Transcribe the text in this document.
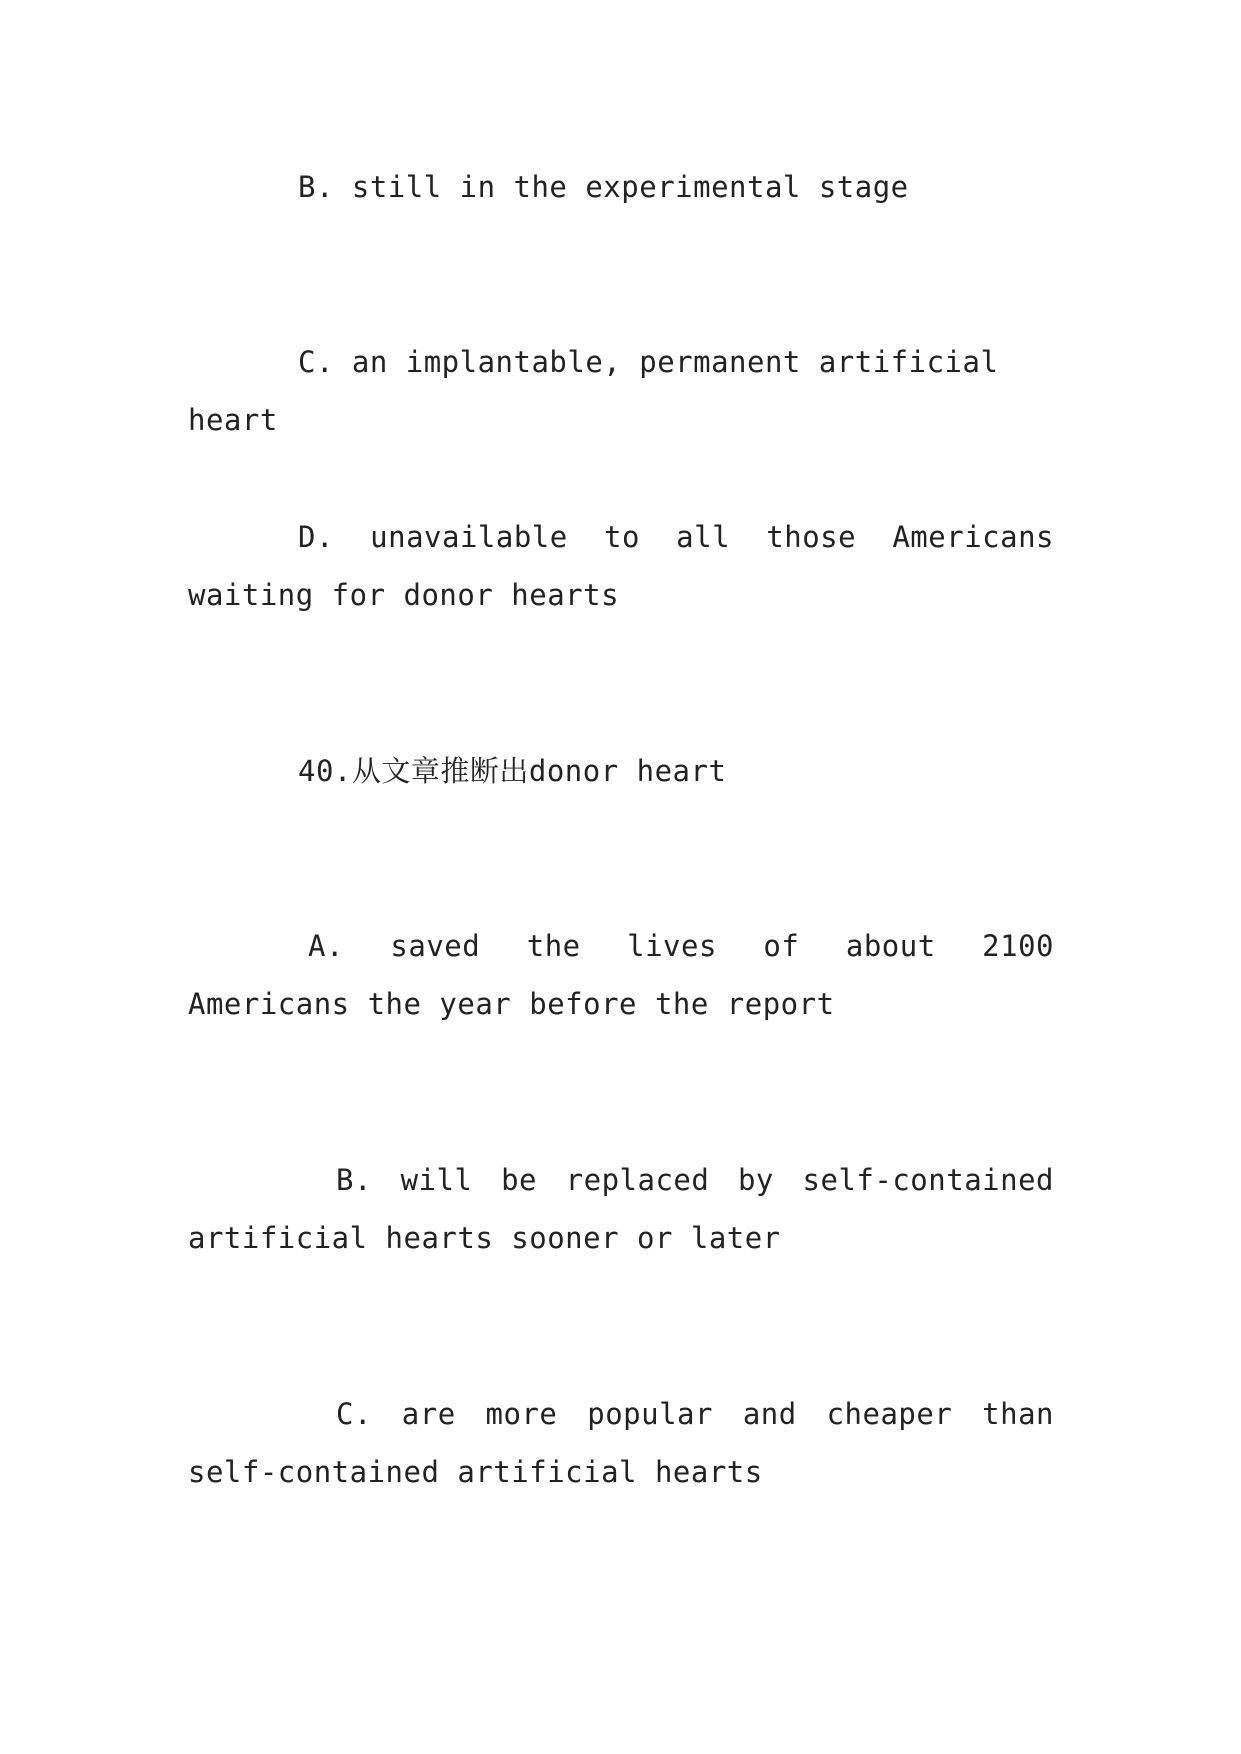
B. still in the experimental stage

C. an implantable, permanent artificial heart

D. unavailable to all those Americans waiting for donor hearts

40.从文章推断出donor heart

A. saved the lives of about 2100 Americans the year before the report

B. will be replaced by self-contained artificial hearts sooner or later

C. are more popular and cheaper than self-contained artificial hearts
